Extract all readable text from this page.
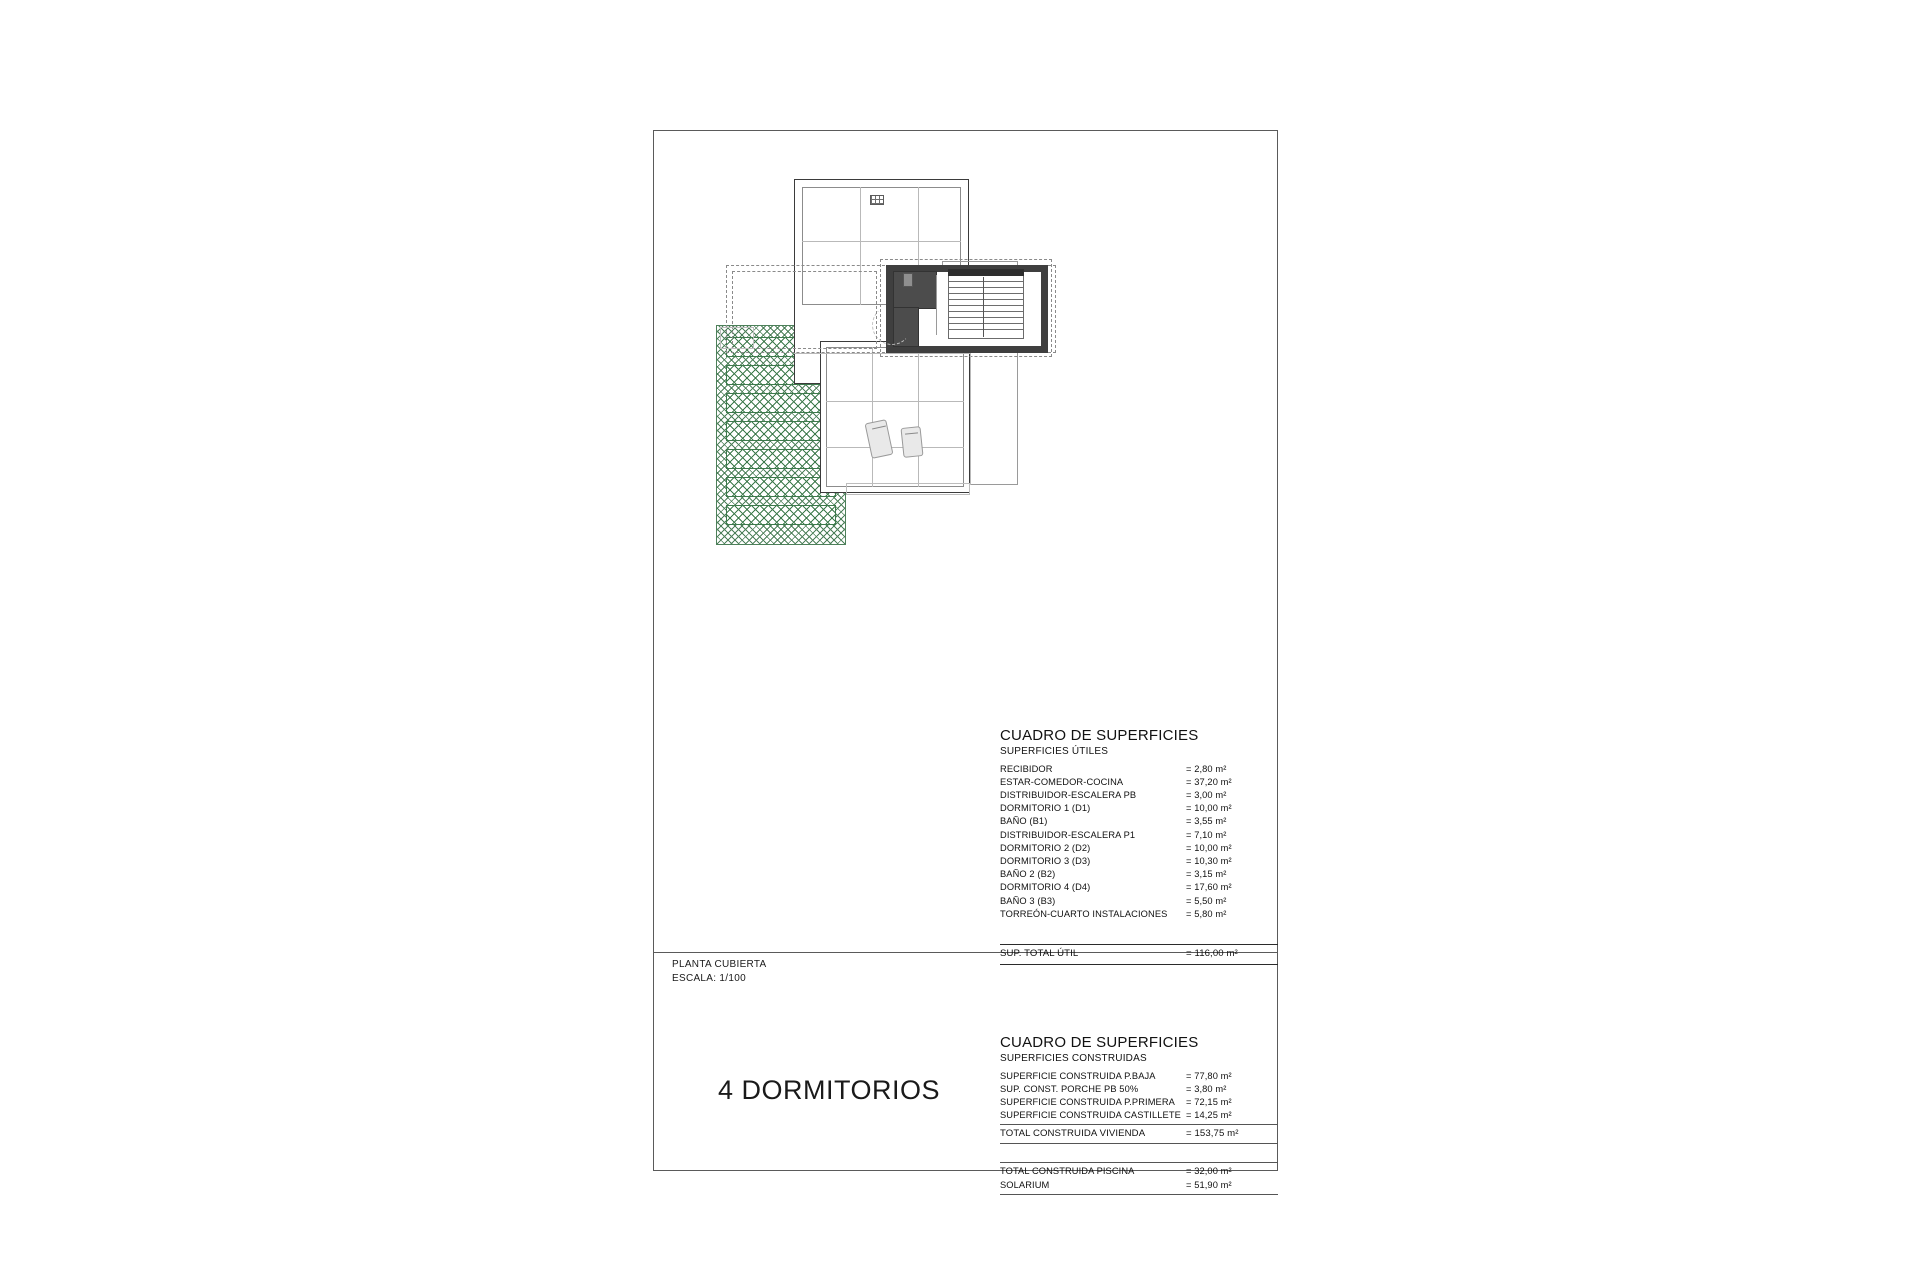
CUADRO DE SUPERFICIES
SUPERFICIES ÚTILES
RECIBIDOR	= 2,80 m²
ESTAR-COMEDOR-COCINA	= 37,20 m²
DISTRIBUIDOR-ESCALERA PB	= 3,00 m²
DORMITORIO 1 (D1)	= 10,00 m²
BAÑO (B1)	= 3,55 m²
DISTRIBUIDOR-ESCALERA P1	= 7,10 m²
DORMITORIO 2 (D2)	= 10,00 m²
DORMITORIO 3 (D3)	= 10,30 m²
BAÑO 2 (B2)	= 3,15 m²
DORMITORIO 4 (D4)	= 17,60 m²
BAÑO 3 (B3)	= 5,50 m²
TORREÓN-CUARTO INSTALACIONES = 5,80 m²
SUP. TOTAL ÚTIL	= 116,00 m²
CUADRO DE SUPERFICIES
SUPERFICIES CONSTRUIDAS
SUPERFICIE CONSTRUIDA P.BAJA	= 77,80 m²
SUP. CONST. PORCHE PB 50%	= 3,80 m²
SUPERFICIE CONSTRUIDA P.PRIMERA = 72,15 m²
SUPERFICIE CONSTRUIDA CASTILLETE = 14,25 m²
TOTAL CONSTRUIDA VIVIENDA	= 153,75 m²
TOTAL CONSTRUIDA PISCINA	= 32,00 m²
SOLARIUM	= 51,90 m²
PLANTA CUBIERTA
ESCALA: 1/100
4 DORMITORIOS
